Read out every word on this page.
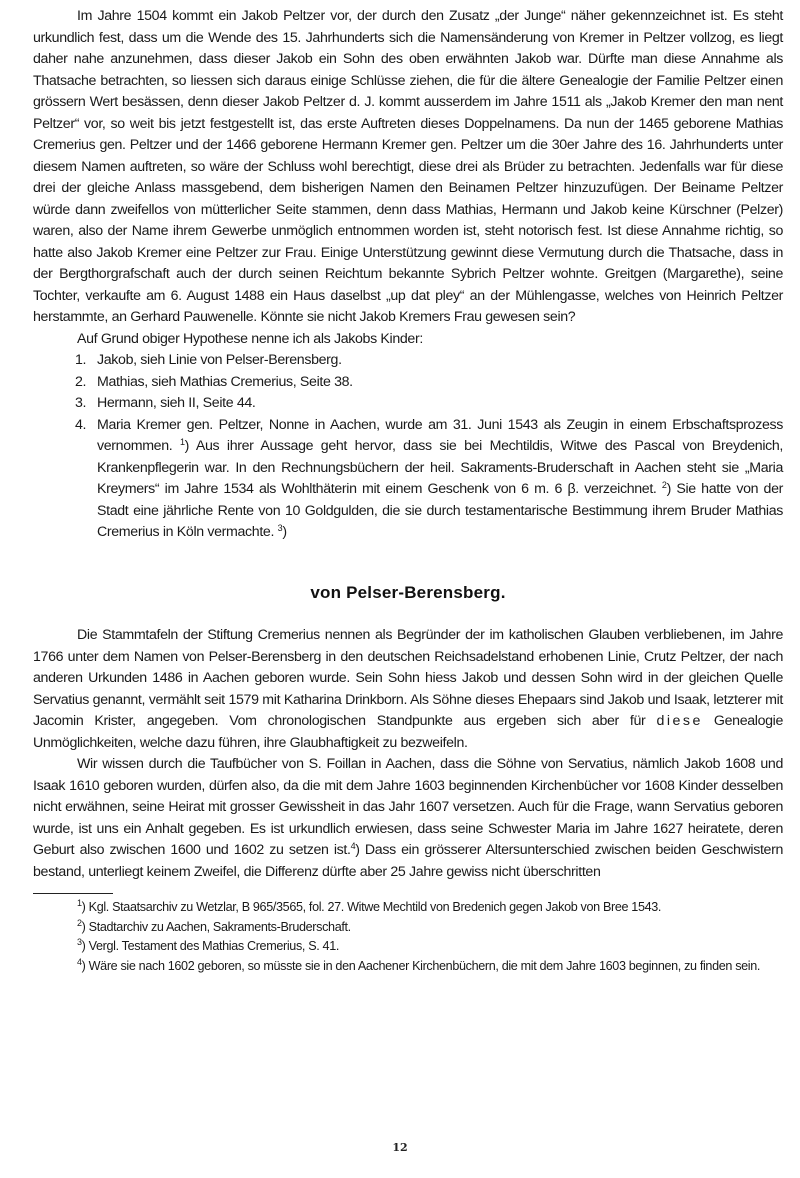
Im Jahre 1504 kommt ein Jakob Peltzer vor, der durch den Zusatz „der Junge“ näher gekennzeichnet ist. Es steht urkundlich fest, dass um die Wende des 15. Jahrhunderts sich die Namensänderung von Kremer in Peltzer vollzog, es liegt daher nahe anzunehmen, dass dieser Jakob ein Sohn des oben erwähnten Jakob war. Dürfte man diese Annahme als Thatsache betrachten, so liessen sich daraus einige Schlüsse ziehen, die für die ältere Genealogie der Familie Peltzer einen grössern Wert besässen, denn dieser Jakob Peltzer d. J. kommt ausserdem im Jahre 1511 als „Jakob Kremer den man nent Peltzer“ vor, so weit bis jetzt festgestellt ist, das erste Auftreten dieses Doppelnamens. Da nun der 1465 geborene Mathias Cremerius gen. Peltzer und der 1466 geborene Hermann Kremer gen. Peltzer um die 30er Jahre des 16. Jahrhunderts unter diesem Namen auftreten, so wäre der Schluss wohl berechtigt, diese drei als Brüder zu betrachten. Jedenfalls war für diese drei der gleiche Anlass massgebend, dem bisherigen Namen den Beinamen Peltzer hinzuzufügen. Der Beiname Peltzer würde dann zweifellos von mütterlicher Seite stammen, denn dass Mathias, Hermann und Jakob keine Kürschner (Pelzer) waren, also der Name ihrem Gewerbe unmöglich entnommen worden ist, steht notorisch fest. Ist diese Annahme richtig, so hatte also Jakob Kremer eine Peltzer zur Frau. Einige Unterstützung gewinnt diese Vermutung durch die Thatsache, dass in der Bergthorgrafschaft auch der durch seinen Reichtum bekannte Sybrich Peltzer wohnte. Greitgen (Margarethe), seine Tochter, verkaufte am 6. August 1488 ein Haus daselbst „up dat pley“ an der Mühlengasse, welches von Heinrich Peltzer herstammte, an Gerhard Pauwenelle. Könnte sie nicht Jakob Kremers Frau gewesen sein?

Auf Grund obiger Hypothese nenne ich als Jakobs Kinder:

1. Jakob, sieh Linie von Pelser-Berensberg.
2. Mathias, sieh Mathias Cremerius, Seite 38.
3. Hermann, sieh II, Seite 44.
4. Maria Kremer gen. Peltzer, Nonne in Aachen, wurde am 31. Juni 1543 als Zeugin in einem Erbschaftsprozess vernommen. $^1$) Aus ihrer Aussage geht hervor, dass sie bei Mechtildis, Witwe des Pascal von Breydenich, Krankenpflegerin war. In den Rechnungsbüchern der heil. Sakraments-Bruderschaft in Aachen steht sie „Maria Kreymers“ im Jahre 1534 als Wohlthäterin mit einem Geschenk von 6 m. 6 β. verzeichnet. $^2$) Sie hatte von der Stadt eine jährliche Rente von 10 Goldgulden, die sie durch testamentarische Bestimmung ihrem Bruder Mathias Cremerius in Köln vermachte. $^3$)
von Pelser-Berensberg.

Die Stammtafeln der Stiftung Cremerius nennen als Begründer der im katholischen Glauben verbliebenen, im Jahre 1766 unter dem Namen von Pelser-Berensberg in den deutschen Reichsadelstand erhobenen Linie, Crutz Peltzer, der nach anderen Urkunden 1486 in Aachen geboren wurde. Sein Sohn hiess Jakob und dessen Sohn wird in der gleichen Quelle Servatius genannt, vermählt seit 1579 mit Katharina Drinkborn. Als Söhne dieses Ehepaars sind Jakob und Isaak, letzterer mit Jacomin Krister, angegeben. Vom chronologischen Standpunkte aus ergeben sich aber für diese Genealogie Unmöglichkeiten, welche dazu führen, ihre Glaubhaftigkeit zu bezweifeln.

Wir wissen durch die Taufbücher von S. Foillan in Aachen, dass die Söhne von Servatius, nämlich Jakob 1608 und Isaak 1610 geboren wurden, dürfen also, da die mit dem Jahre 1603 beginnenden Kirchenbücher vor 1608 Kinder desselben nicht erwähnen, seine Heirat mit grosser Gewissheit in das Jahr 1607 versetzen. Auch für die Frage, wann Servatius geboren wurde, ist uns ein Anhalt gegeben. Es ist urkundlich erwiesen, dass seine Schwester Maria im Jahre 1627 heiratete, deren Geburt also zwischen 1600 und 1602 zu setzen ist.$^4$) Dass ein grösserer Altersunterschied zwischen beiden Geschwistern bestand, unterliegt keinem Zweifel, die Differenz dürfte aber 25 Jahre gewiss nicht überschritten

$^1$) Kgl. Staatsarchiv zu Wetzlar, B 965/3565, fol. 27. Witwe Mechtild von Bredenich gegen Jakob von Bree 1543.

$^2$) Stadtarchiv zu Aachen, Sakraments-Bruderschaft.

$^3$) Vergl. Testament des Mathias Cremerius, S. 41.

$^4$) Wäre sie nach 1602 geboren, so müsste sie in den Aachener Kirchenbüchern, die mit dem Jahre 1603 beginnen, zu finden sein.

12
